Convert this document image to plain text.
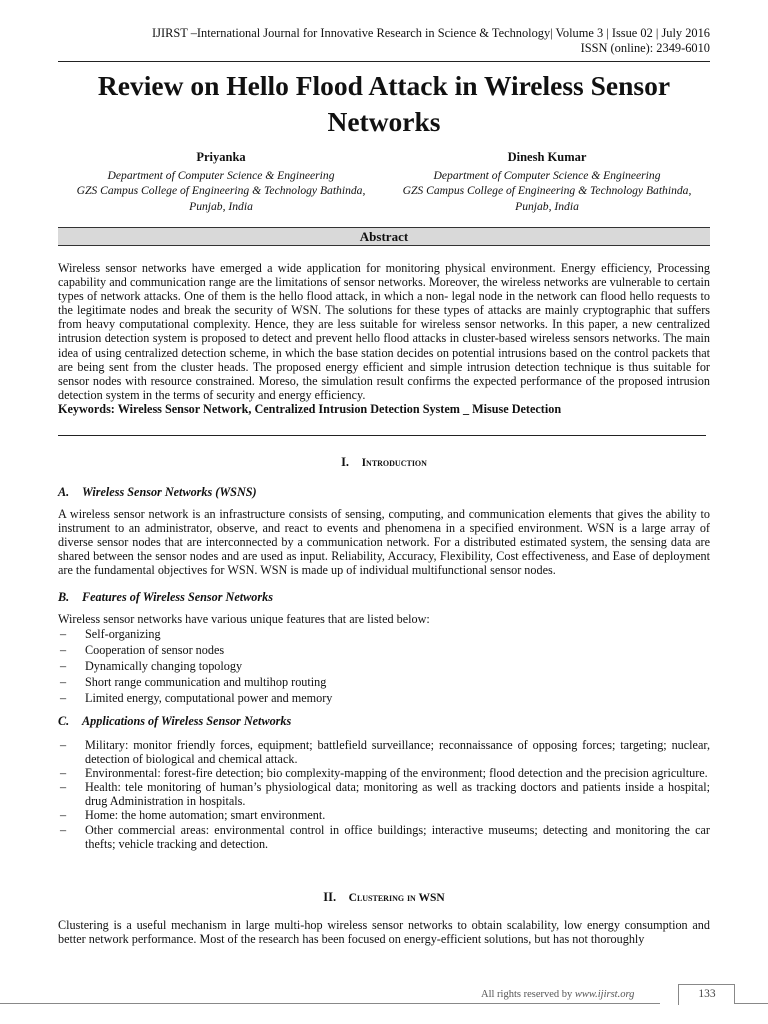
IJIRST –International Journal for Innovative Research in Science & Technology| Volume 3 | Issue 02 | July 2016
ISSN (online): 2349-6010
Review on Hello Flood Attack in Wireless Sensor Networks
Priyanka
Department of Computer Science & Engineering
GZS Campus College of Engineering & Technology Bathinda,
Punjab, India
Dinesh Kumar
Department of Computer Science & Engineering
GZS Campus College of Engineering & Technology Bathinda,
Punjab, India
Abstract
Wireless sensor networks have emerged a wide application for monitoring physical environment. Energy efficiency, Processing capability and communication range are the limitations of sensor networks. Moreover, the wireless networks are vulnerable to certain types of network attacks. One of them is the hello flood attack, in which a non- legal node in the network can flood hello requests to the legitimate nodes and break the security of WSN. The solutions for these types of attacks are mainly cryptographic that suffers from heavy computational complexity. Hence, they are less suitable for wireless sensor networks. In this paper, a new centralized intrusion detection system is proposed to detect and prevent hello flood attacks in cluster-based wireless sensors networks. The main idea of using centralized detection scheme, in which the base station decides on potential intrusions based on the control packets that are being sent from the cluster heads. The proposed energy efficient and simple intrusion detection technique is thus suitable for sensor nodes with resource constrained. Moreso, the simulation result confirms the expected performance of the proposed intrusion detection system in the terms of security and energy efficiency.
Keywords: Wireless Sensor Network, Centralized Intrusion Detection System _ Misuse Detection
I. Introduction
A. Wireless Sensor Networks (WSNS)
A wireless sensor network is an infrastructure consists of sensing, computing, and communication elements that gives the ability to instrument to an administrator, observe, and react to events and phenomena in a specified environment. WSN is a large array of diverse sensor nodes that are interconnected by a communication network. For a distributed estimated system, the sensing data are shared between the sensor nodes and are used as input. Reliability, Accuracy, Flexibility, Cost effectiveness, and Ease of deployment are the fundamental objectives for WSN. WSN is made up of individual multifunctional sensor nodes.
B. Features of Wireless Sensor Networks
Wireless sensor networks have various unique features that are listed below:
– Self-organizing
– Cooperation of sensor nodes
– Dynamically changing topology
– Short range communication and multihop routing
– Limited energy, computational power and memory
C. Applications of Wireless Sensor Networks
– Military: monitor friendly forces, equipment; battlefield surveillance; reconnaissance of opposing forces; targeting; nuclear, detection of biological and chemical attack.
– Environmental: forest-fire detection; bio complexity-mapping of the environment; flood detection and the precision agriculture.
– Health: tele monitoring of human’s physiological data; monitoring as well as tracking doctors and patients inside a hospital; drug Administration in hospitals.
– Home: the home automation; smart environment.
– Other commercial areas: environmental control in office buildings; interactive museums; detecting and monitoring the car thefts; vehicle tracking and detection.
II. Clustering in WSN
Clustering is a useful mechanism in large multi-hop wireless sensor networks to obtain scalability, low energy consumption and better network performance. Most of the research has been focused on energy-efficient solutions, but has not thoroughly
All rights reserved by www.ijirst.org	133
